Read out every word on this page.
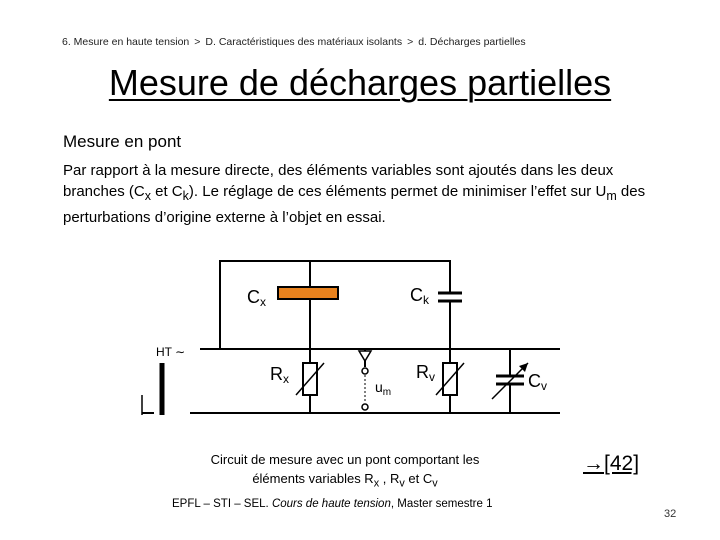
6. Mesure en haute tension > D. Caractéristiques des matériaux isolants > d. Décharges partielles
Mesure de décharges partielles
Mesure en pont
Par rapport à la mesure directe, des éléments variables sont ajoutés dans les deux branches ($C_x$ et $C_k$). Le réglage de ces éléments permet de minimiser l’effet sur $U_m$ des perturbations d’origine externe à l’objet en essai.
Cx	Ck
HT ∼
Rx	$u_m$
Rv	Cv
Circuit de mesure avec un pont comportant les
éléments variables $R_x$ , $R_v$ et $C_v$
→[42]
EPFL – STI – SEL. Cours de haute tension, Master semestre 1
32
